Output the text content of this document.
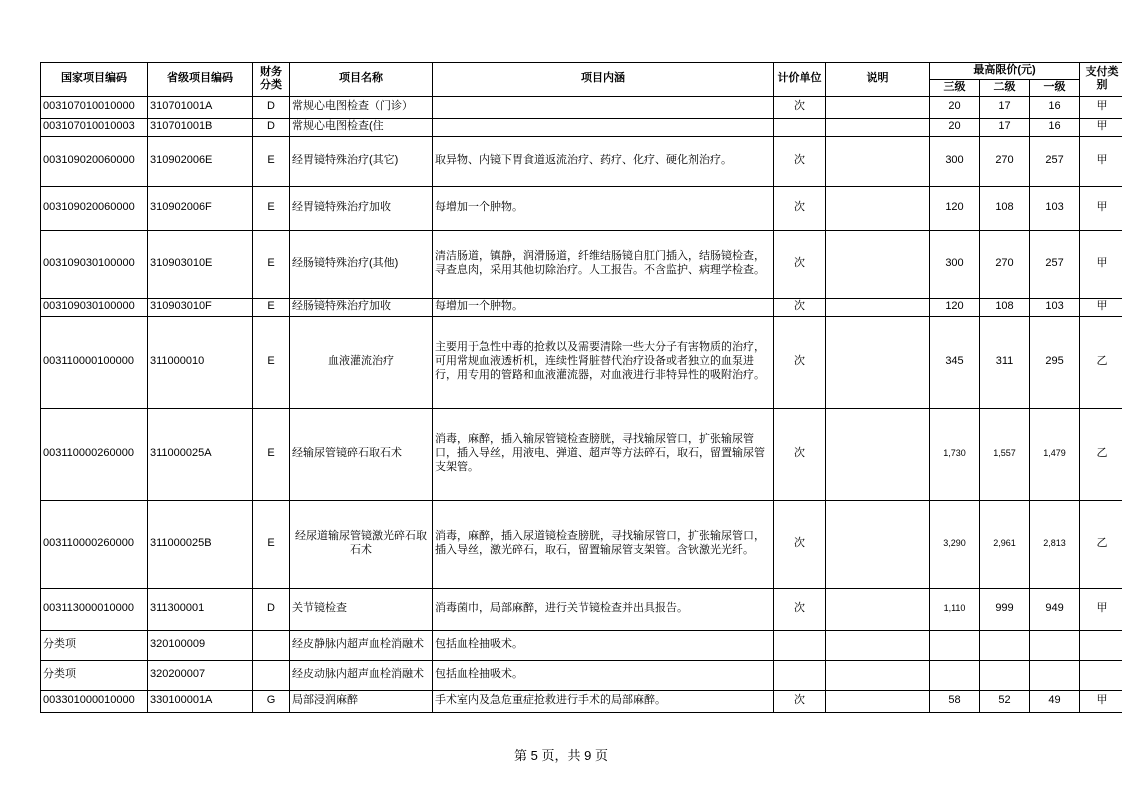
国家项目编码	省级项目编码	财务分类	项目名称	项目内涵	计价单位	说明	最高限价(元)			支付类别
							三级	二级	一级	
003107010010000	310701001A	D	常规心电图检查（门诊）		次		20	17	16	甲
003107010010003	310701001B	D	常规心电图检查(住				20	17	16	甲
003109020060000	310902006E	E	经胃镜特殊治疗(其它)	取异物、内镜下胃食道返流治疗、药疗、化疗、硬化剂治疗。	次		300	270	257	甲
003109020060000	310902006F	E	经胃镜特殊治疗加收	每增加一个肿物。	次		120	108	103	甲
003109030100000	310903010E	E	经肠镜特殊治疗(其他)	清洁肠道，镇静，润滑肠道，纤维结肠镜自肛门插入，结肠镜检查，寻查息肉，采用其他切除治疗。人工报告。不含监护、病理学检查。	次		300	270	257	甲
003109030100000	310903010F	E	经肠镜特殊治疗加收	每增加一个肿物。	次		120	108	103	甲
003110000100000	311000010	E	血液灌流治疗	主要用于急性中毒的抢救以及需要清除一些大分子有害物质的治疗，可用常规血液透析机，连续性肾脏替代治疗设备或者独立的血泵进行，用专用的管路和血液灌流器，对血液进行非特异性的吸附治疗。	次		345	311	295	乙
003110000260000	311000025A	E	经输尿管镜碎石取石术	消毒，麻醉，插入输尿管镜检查膀胱，寻找输尿管口，扩张输尿管口，插入导丝，用液电、弹道、超声等方法碎石，取石，留置输尿管支架管。	次		1,730	1,557	1,479	乙
003110000260000	311000025B	E	经尿道输尿管镜激光碎石取石术	消毒，麻醉，插入尿道镜检查膀胱，寻找输尿管口，扩张输尿管口，插入导丝，激光碎石，取石，留置输尿管支架管。含钬激光光纤。	次		3,290	2,961	2,813	乙
003113000010000	311300001	D	关节镜检查	消毒菌巾，局部麻醉，进行关节镜检查并出具报告。	次		1,110	999	949	甲
分类项	320100009		经皮静脉内超声血栓消融术	包括血栓抽吸术。						
分类项	320200007		经皮动脉内超声血栓消融术	包括血栓抽吸术。						
003301000010000	330100001A	G	局部浸润麻醉	手术室内及急危重症抢救进行手术的局部麻醉。	次		58	52	49	甲
第 5 页，共 9 页
